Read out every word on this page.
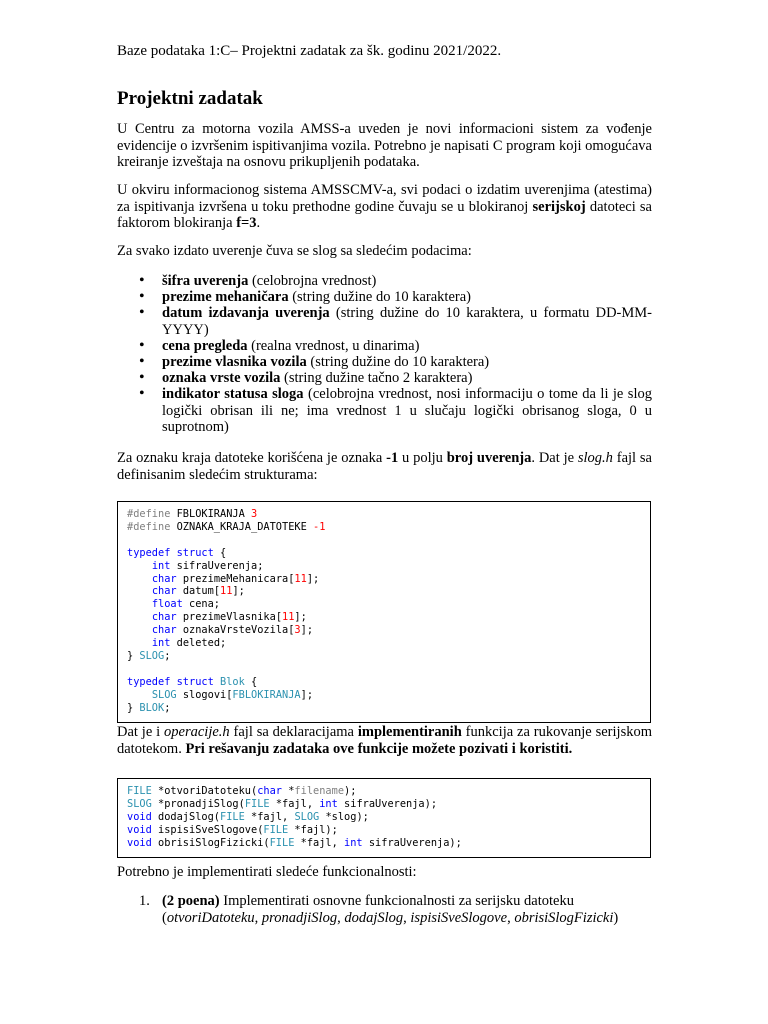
Baze podataka 1:C– Projektni zadatak za šk. godinu 2021/2022.
Projektni zadatak

U Centru za motorna vozila AMSS-a uveden je novi informacioni sistem za vođenje evidencije o izvršenim ispitivanjima vozila. Potrebno je napisati C program koji omogućava kreiranje izveštaja na osnovu prikupljenih podataka.

U okviru informacionog sistema AMSSCMV-a, svi podaci o izdatim uverenjima (atestima) za ispitivanja izvršena u toku prethodne godine čuvaju se u blokiranoj serijskoj datoteci sa faktorom blokiranja f=3.

Za svako izdato uverenje čuva se slog sa sledećim podacima:

• šifra uverenja (celobrojna vrednost)
• prezime mehaničara (string dužine do 10 karaktera)
• datum izdavanja uverenja (string dužine do 10 karaktera, u formatu DD-MM-YYYY)
• cena pregleda (realna vrednost, u dinarima)
• prezime vlasnika vozila (string dužine do 10 karaktera)
• oznaka vrste vozila (string dužine tačno 2 karaktera)
• indikator statusa sloga (celobrojna vrednost, nosi informaciju o tome da li je slog logički obrisan ili ne; ima vrednost 1 u slučaju logički obrisanog sloga, 0 u suprotnom)

Za oznaku kraja datoteke korišćena je oznaka -1 u polju broj uverenja. Dat je slog.h fajl sa definisanim sledećim strukturama:

#define FBLOKIRANJA 3
#define OZNAKA_KRAJA_DATOTEKE -1

typedef struct {
int sifraUverenja;
char prezimeMehanicara[11];
char datum[11];
float cena;
char prezimeVlasnika[11];
char oznakaVrsteVozila[3];
int deleted;
} SLOG;

typedef struct Blok {
SLOG slogovi[FBLOKIRANJA];
} BLOK;

Dat je i operacije.h fajl sa deklaracijama implementiranih funkcija za rukovanje serijskom datotekom. Pri rešavanju zadataka ove funkcije možete pozivati i koristiti.

FILE *otvoriDatoteku(char *filename);
SLOG *pronadjiSlog(FILE *fajl, int sifraUverenja);
void dodajSlog(FILE *fajl, SLOG *slog);
void ispisiSveSlogove(FILE *fajl);
void obrisiSlogFizicki(FILE *fajl, int sifraUverenja);

Potrebno je implementirati sledeće funkcionalnosti:

1. (2 poena) Implementirati osnovne funkcionalnosti za serijsku datoteku (otvoriDatoteku, pronadjiSlog, dodajSlog, ispisiSveSlogove, obrisiSlogFizicki)
